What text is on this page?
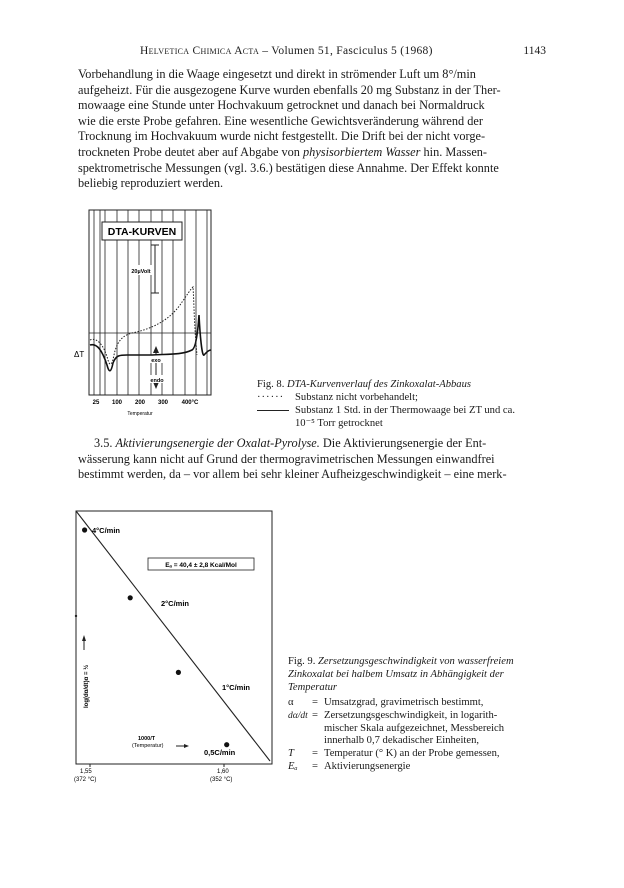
Helvetica Chimica Acta – Volumen 51, Fasciculus 5 (1968)	1143

Vorbehandlung in die Waage eingesetzt und direkt in strömender Luft um 8°/min

aufgeheizt. Für die ausgezogene Kurve wurden ebenfalls 20 mg Substanz in der Ther-

mowaage eine Stunde unter Hochvakuum getrocknet und danach bei Normaldruck

wie die erste Probe gefahren. Eine wesentliche Gewichtsveränderung während der

Trocknung im Hochvakuum wurde nicht festgestellt. Die Drift bei der nicht vorge-

trockneten Probe deutet aber auf Abgabe von physisorbiertem Wasser hin. Massen-

spektrometrische Messungen (vgl. 3.6.) bestätigen diese Annahme. Der Effekt konnte

beliebig reproduziert werden.

DTA-KURVEN
20µVolt
exo
endo
25 100 200 300 400°C
Temperatur
ΔT
Fig. 8. DTA-Kurvenverlauf des Zinkoxalat-Abbaus
······	Substanz nicht vorbehandelt;
Substanz 1 Std. in der Thermowaage bei ZT und ca.
10⁻⁵ Torr getrocknet

3.5. Aktivierungsenergie der Oxalat-Pyrolyse. Die Aktivierungsenergie der Ent-

wässerung kann nicht auf Grund der thermogravimetrischen Messungen einwandfrei

bestimmt werden, da – vor allem bei sehr kleiner Aufheizgeschwindigkeit – eine merk-

Eₐ = 40,4 ± 2,8 Kcal/Mol
4°C/min
2°C/min
1°C/min
0,5C/min
log(dα/dt)α = ½
1000/T
(Temperatur)
1,55
(372 °C)
1,60
(352 °C)
Fig. 9. Zersetzungsgeschwindigkeit von wasserfreiem
Zinkoxalat bei halbem Umsatz in Abhängigkeit der
Temperatur
α	=	Umsatzgrad, gravimetrisch bestimmt,
dα/dt	=	Zersetzungsgeschwindigkeit, in logarith-
mischer Skala aufgezeichnet, Messbereich
innerhalb 0,7 dekadischer Einheiten,

T	=	Temperatur (° K) an der Probe gemessen,
Eₐ	=	Aktivierungsenergie
